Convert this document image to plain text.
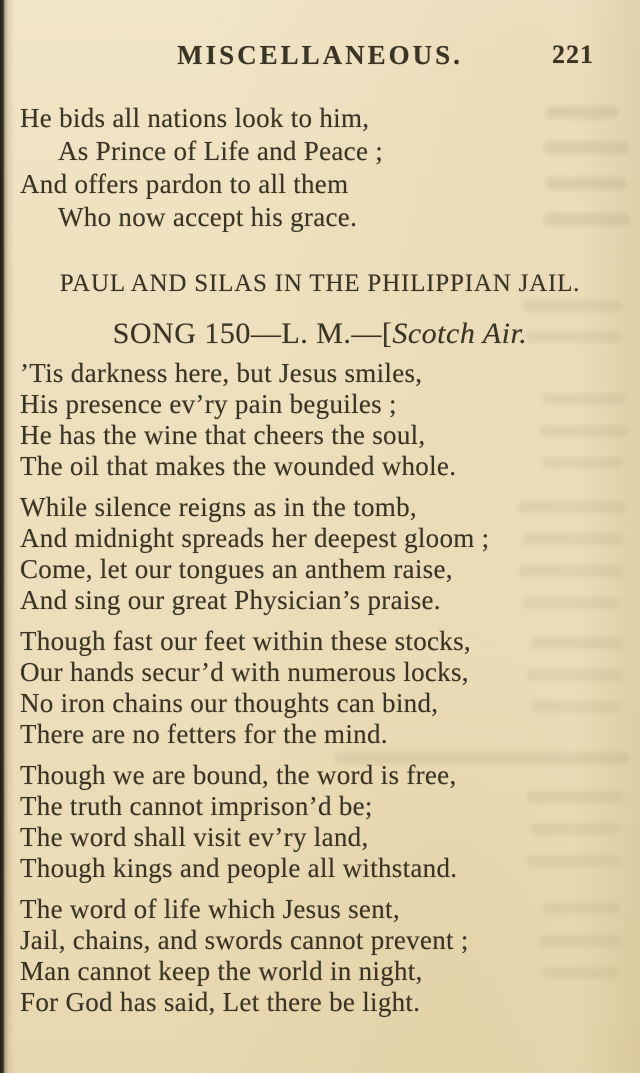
MISCELLANEOUS.	221
He bids all nations look to him,
As Prince of Life and Peace ;
And offers pardon to all them
Who now accept his grace.
PAUL AND SILAS IN THE PHILIPPIAN JAIL.
SONG 150—L. M.—[Scotch Air.
’Tis darkness here, but Jesus smiles,
His presence ev’ry pain beguiles ;
He has the wine that cheers the soul,
The oil that makes the wounded whole.
While silence reigns as in the tomb,
And midnight spreads her deepest gloom ;
Come, let our tongues an anthem raise,
And sing our great Physician’s praise.
Though fast our feet within these stocks,
Our hands secur’d with numerous locks,
No iron chains our thoughts can bind,
There are no fetters for the mind.
Though we are bound, the word is free,
The truth cannot imprison’d be;
The word shall visit ev’ry land,
Though kings and people all withstand.
The word of life which Jesus sent,
Jail, chains, and swords cannot prevent ;
Man cannot keep the world in night,
For God has said, Let there be light.
